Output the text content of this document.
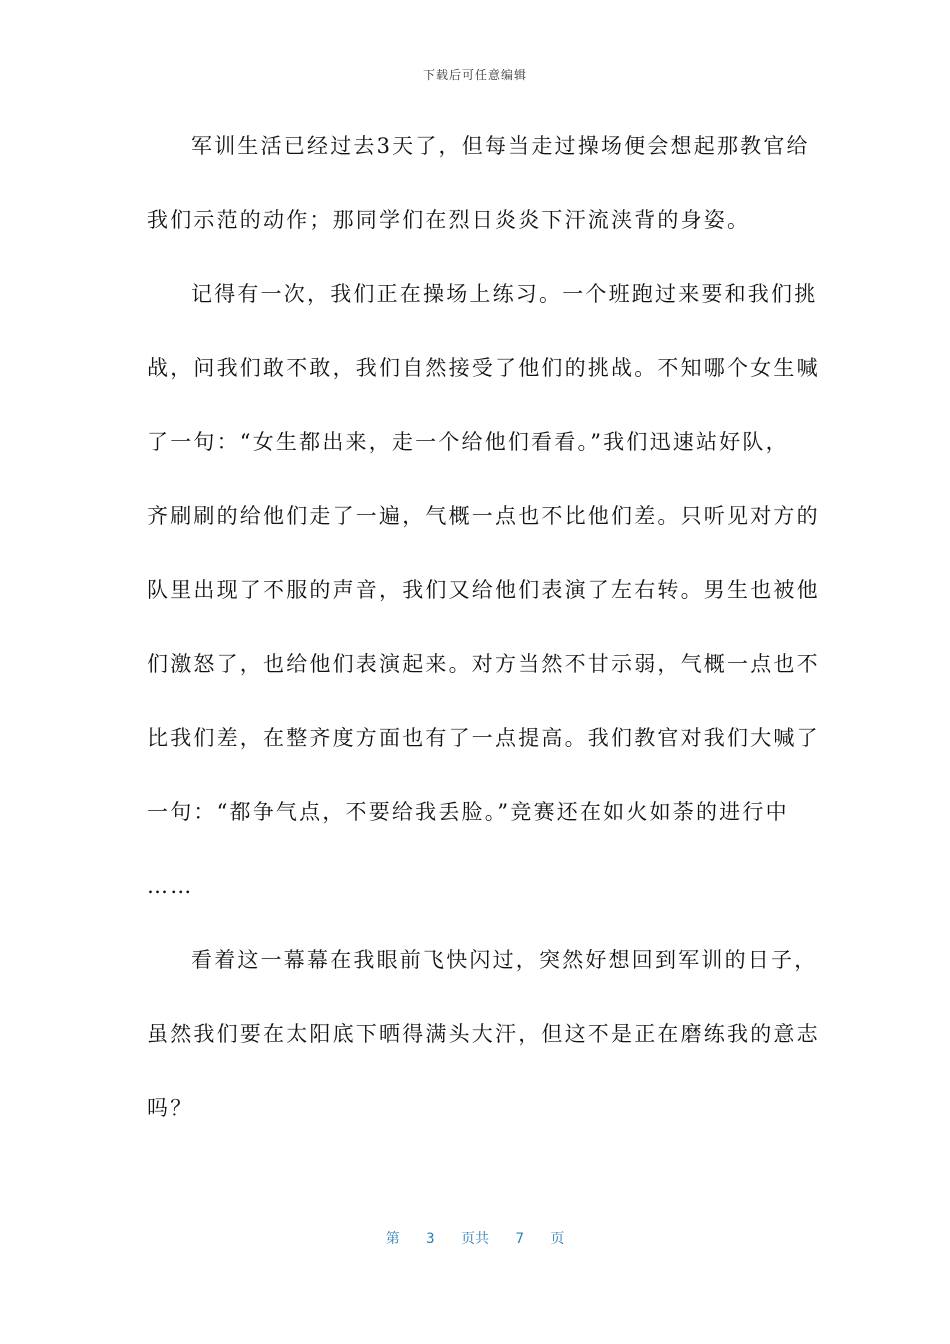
下载后可任意编辑
军训生活已经过去3天了，但每当走过操场便会想起那教官给
我们示范的动作；那同学们在烈日炎炎下汗流浃背的身姿。
记得有一次，我们正在操场上练习。一个班跑过来要和我们挑
战，问我们敢不敢，我们自然接受了他们的挑战。不知哪个女生喊
了一句：“女生都出来，走一个给他们看看。”我们迅速站好队，
齐刷刷的给他们走了一遍，气概一点也不比他们差。只听见对方的
队里出现了不服的声音，我们又给他们表演了左右转。男生也被他
们激怒了，也给他们表演起来。对方当然不甘示弱，气概一点也不
比我们差，在整齐度方面也有了一点提高。我们教官对我们大喊了
一句：“都争气点，不要给我丢脸。”竞赛还在如火如荼的进行中
……
看着这一幕幕在我眼前飞快闪过，突然好想回到军训的日子，
虽然我们要在太阳底下晒得满头大汗，但这不是正在磨练我的意志
吗？
第 3 页共 7 页
